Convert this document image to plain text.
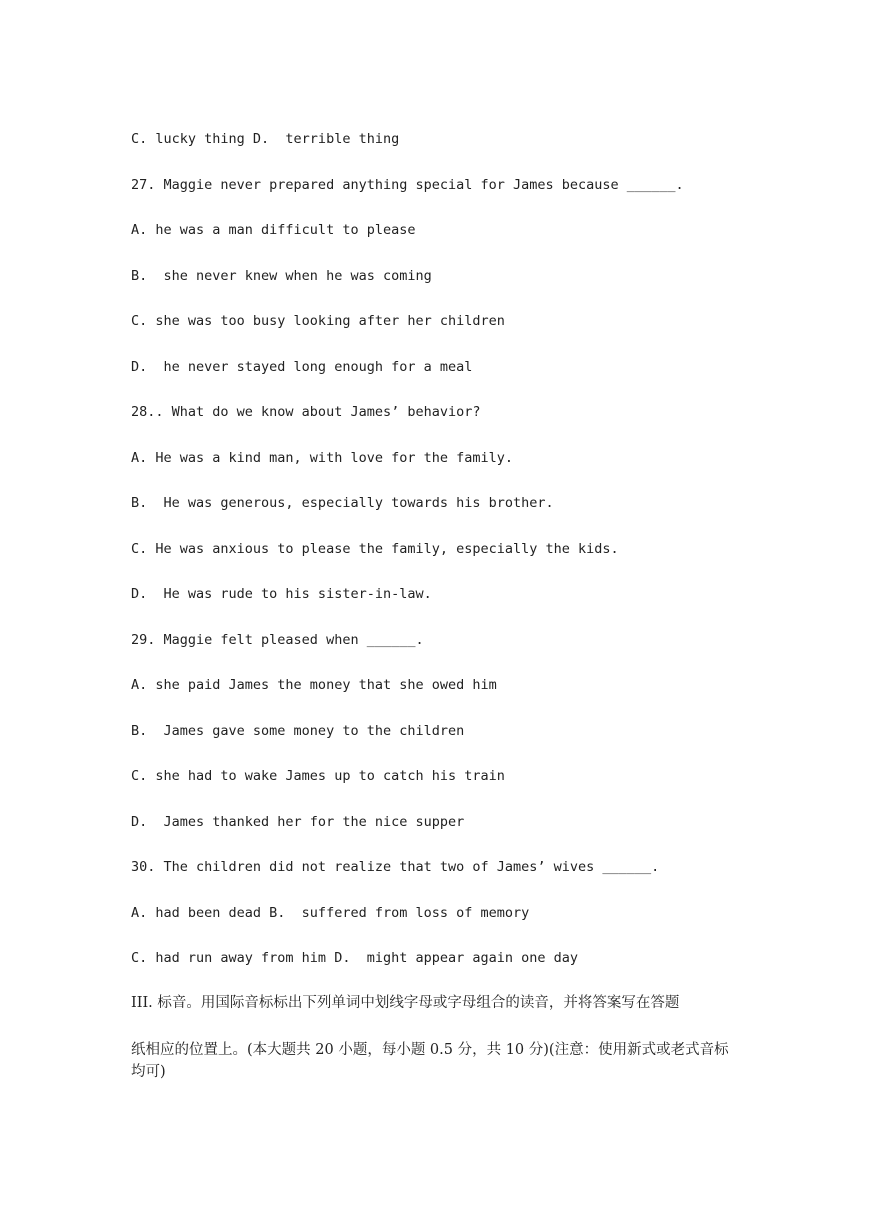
C. lucky thing D.  terrible thing
27. Maggie never prepared anything special for James because ______.
A. he was a man difficult to please
B.  she never knew when he was coming
C. she was too busy looking after her children
D.  he never stayed long enough for a meal
28.. What do we know about James’ behavior?
A. He was a kind man, with love for the family.
B.  He was generous, especially towards his brother.
C. He was anxious to please the family, especially the kids.
D.  He was rude to his sister-in-law.
29. Maggie felt pleased when ______.
A. she paid James the money that she owed him
B.  James gave some money to the children
C. she had to wake James up to catch his train
D.  James thanked her for the nice supper
30. The children did not realize that two of James’ wives ______.
A. had been dead B.  suffered from loss of memory
C. had run away from him D.  might appear again one day
III. 标音。用国际音标标出下列单词中划线字母或字母组合的读音，并将答案写在答题
纸相应的位置上。(本大题共 20 小题，每小题 0.5 分，共 10 分)(注意：使用新式或老式音标均可)
